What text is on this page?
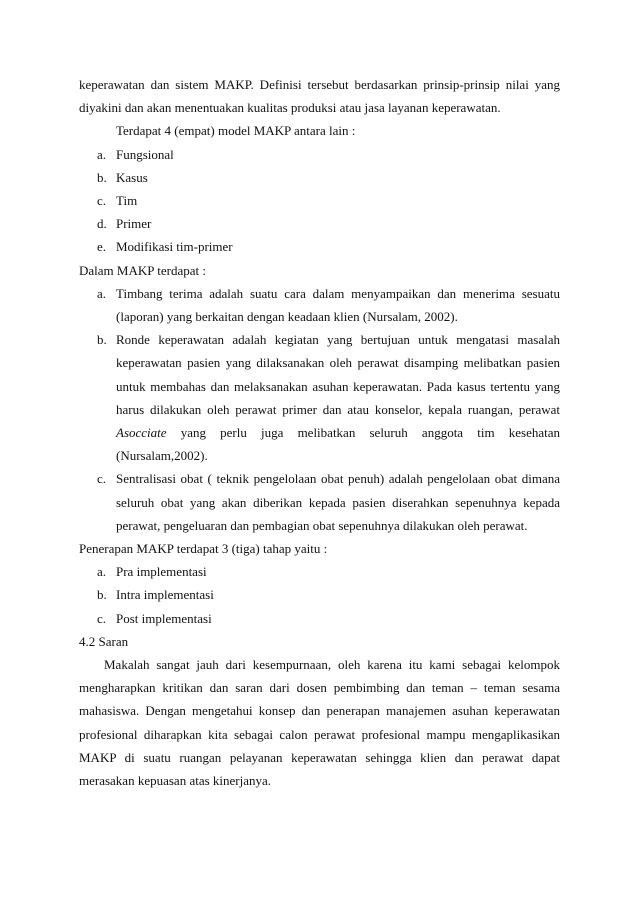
keperawatan dan sistem MAKP. Definisi tersebut berdasarkan prinsip-prinsip nilai yang diyakini dan akan menentuakan kualitas produksi atau jasa layanan keperawatan.

Terdapat 4 (empat) model MAKP antara lain :

a. Fungsional
b. Kasus
c. Tim
d. Primer
e. Modifikasi tim-primer

Dalam MAKP terdapat :

a. Timbang terima adalah suatu cara dalam menyampaikan dan menerima sesuatu (laporan) yang berkaitan dengan keadaan klien (Nursalam, 2002).
b. Ronde keperawatan adalah kegiatan yang bertujuan untuk mengatasi masalah keperawatan pasien yang dilaksanakan oleh perawat disamping melibatkan pasien untuk membahas dan melaksanakan asuhan keperawatan. Pada kasus tertentu yang harus dilakukan oleh perawat primer dan atau konselor, kepala ruangan, perawat Asocciate yang perlu juga melibatkan seluruh anggota tim kesehatan (Nursalam,2002).
c. Sentralisasi obat ( teknik pengelolaan obat penuh) adalah pengelolaan obat dimana seluruh obat yang akan diberikan kepada pasien diserahkan sepenuhnya kepada perawat, pengeluaran dan pembagian obat sepenuhnya dilakukan oleh perawat.

Penerapan MAKP terdapat 3 (tiga) tahap yaitu :

a. Pra implementasi
b. Intra implementasi
c. Post implementasi

4.2 Saran

Makalah sangat jauh dari kesempurnaan, oleh karena itu kami sebagai kelompok mengharapkan kritikan dan saran dari dosen pembimbing dan teman – teman sesama mahasiswa. Dengan mengetahui konsep dan penerapan manajemen asuhan keperawatan profesional diharapkan kita sebagai calon perawat profesional mampu mengaplikasikan MAKP di suatu ruangan pelayanan keperawatan sehingga klien dan perawat dapat merasakan kepuasan atas kinerjanya.
